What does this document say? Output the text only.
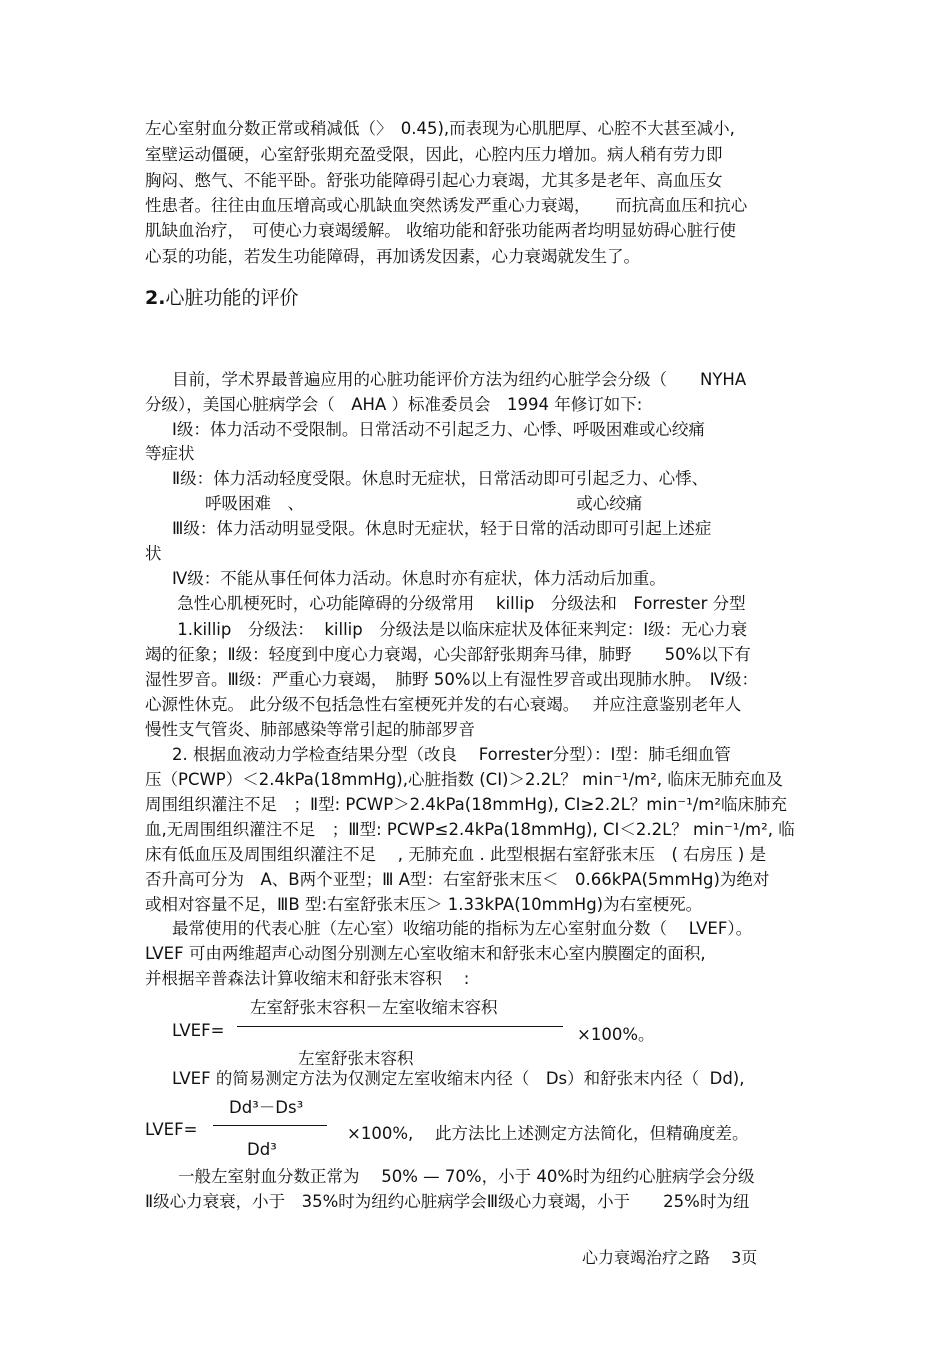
左心室射血分数正常或稍减低（〉　0.45),而表现为心肌肥厚、心腔不大甚至减小,
室壁运动僵硬，心室舒张期充盈受限，因此，心腔内压力增加。病人稍有劳力即
胸闷、憋气、不能平卧。舒张功能障碍引起心力衰竭，尤其多是老年、高血压女
性患者。往往由血压增高或心肌缺血突然诱发严重心力衰竭，　　而抗高血压和抗心
肌缺血治疗，　可使心力衰竭缓解。 收缩功能和舒张功能两者均明显妨碍心脏行使
心泵的功能，若发生功能障碍，再加诱发因素，心力衰竭就发生了。
2.心脏功能的评价
目前，学术界最普遍应用的心脏功能评价方法为纽约心脏学会分级（　　NYHA
分级），美国心脏病学会（　AHA ）标准委员会　1994 年修订如下:
Ⅰ级：体力活动不受限制。日常活动不引起乏力、心悸、呼吸困难或心绞痛
等症状
Ⅱ级：体力活动轻度受限。休息时无症状，日常活动即可引起乏力、心悸、
　　呼吸困难　、　　　　　　　　　　　　　　　　　或心绞痛
Ⅲ级：体力活动明显受限。休息时无症状，轻于日常的活动即可引起上述症
状
Ⅳ级：不能从事任何体力活动。休息时亦有症状，体力活动后加重。
急性心肌梗死时，心功能障碍的分级常用　 killip　分级法和　Forrester 分型
1.killip　分级法：  killip　分级法是以临床症状及体征来判定：Ⅰ级：无心力衰
竭的征象；Ⅱ级：轻度到中度心力衰竭，心尖部舒张期奔马律，肺野　　50%以下有
湿性罗音。Ⅲ级：严重心力衰竭，　肺野 50%以上有湿性罗音或出现肺水肿。　Ⅳ级：
心源性休克。 此分级不包括急性右室梗死并发的右心衰竭。　 并应注意鉴别老年人
慢性支气管炎、肺部感染等常引起的肺部罗音
2. 根据血液动力学检查结果分型（改良　 Forrester分型）：Ⅰ型：肺毛细血管
压（PCWP）＜2.4kPa(18mmHg),心脏指数 (CI)＞2.2L？ min⁻¹/m², 临床无肺充血及
周围组织灌注不足　；Ⅱ型: PCWP＞2.4kPa(18mmHg), CI≥2.2L？min⁻¹/m²临床肺充
血,无周围组织灌注不足　；Ⅲ型: PCWP≤2.4kPa(18mmHg), CI＜2.2L？ min⁻¹/m², 临
床有低血压及周围组织灌注不足　 , 无肺充血 . 此型根据右室舒张末压　( 右房压 ) 是
否升高可分为　A、B两个亚型；Ⅲ A型：右室舒张末压＜　0.66kPA(5mmHg)为绝对
或相对容量不足，ⅢB 型:右室舒张末压＞ 1.33kPA(10mmHg)为右室梗死。
最常使用的代表心脏（左心室）收缩功能的指标为左心室射血分数（　 LVEF）。
LVEF 可由两维超声心动图分别测左心室收缩末和舒张末心室内膜圈定的面积,
并根据辛普森法计算收缩末和舒张末容积　 :
左室舒张末容积－左室收缩末容积
LVEF=	×100%。
左室舒张末容积
LVEF 的简易测定方法为仅测定左室收缩末内径（　Ds）和舒张末内径（  Dd),
Dd³－Ds³
LVEF=	×100%,　 此方法比上述测定方法简化，但精确度差。
Dd³
一般左室射血分数正常为　 50% — 70%，小于 40%时为纽约心脏病学会分级
Ⅱ级心力衰衰，小于　35%时为纽约心脏病学会Ⅲ级心力衰竭，小于　　25%时为纽
心力衰竭治疗之路　 3页
